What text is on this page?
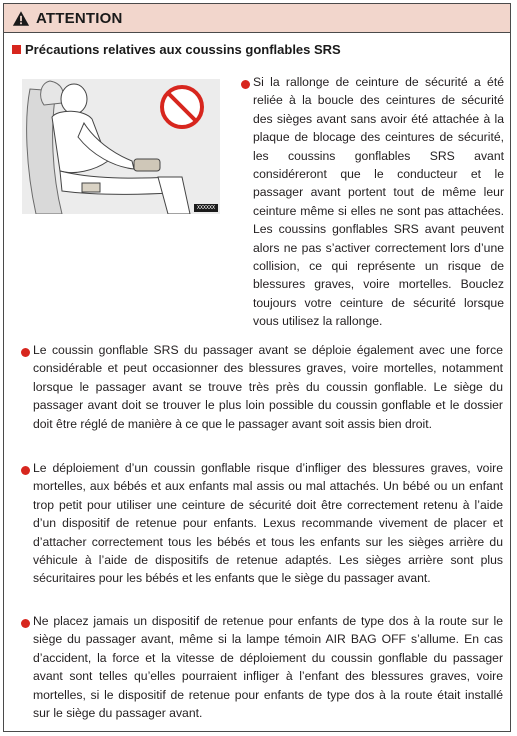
ATTENTION
Précautions relatives aux coussins gonflables SRS
XXXXXX

Si la rallonge de ceinture de sécurité a été reliée à la boucle des ceintures de sécurité des sièges avant sans avoir été attachée à la plaque de blocage des ceintures de sécurité, les coussins gonflables SRS avant considéreront que le conducteur et le passager avant portent tout de même leur ceinture même si elles ne sont pas attachées. Les coussins gonflables SRS avant peuvent alors ne pas s’activer correctement lors d’une collision, ce qui représente un risque de blessures graves, voire mortelles. Bouclez toujours votre ceinture de sécurité lorsque vous utilisez la rallonge.

Le coussin gonflable SRS du passager avant se déploie également avec une force considérable et peut occasionner des blessures graves, voire mortelles, notamment lorsque le passager avant se trouve très près du coussin gonflable. Le siège du passager avant doit se trouver le plus loin possible du coussin gonflable et le dossier doit être réglé de manière à ce que le passager avant soit assis bien droit.

Le déploiement d’un coussin gonflable risque d’infliger des blessures graves, voire mortelles, aux bébés et aux enfants mal assis ou mal attachés. Un bébé ou un enfant trop petit pour utiliser une ceinture de sécurité doit être correctement retenu à l’aide d’un dispositif de retenue pour enfants. Lexus recommande vivement de placer et d’attacher correctement tous les bébés et tous les enfants sur les sièges arrière du véhicule à l’aide de dispositifs de retenue adaptés. Les sièges arrière sont plus sécuritaires pour les bébés et les enfants que le siège du passager avant.

Ne placez jamais un dispositif de retenue pour enfants de type dos à la route sur le siège du passager avant, même si la lampe témoin AIR BAG OFF s’allume. En cas d’accident, la force et la vitesse de déploiement du coussin gonflable du passager avant sont telles qu’elles pourraient infliger à l’enfant des blessures graves, voire mortelles, si le dispositif de retenue pour enfants de type dos à la route était installé sur le siège du passager avant.
